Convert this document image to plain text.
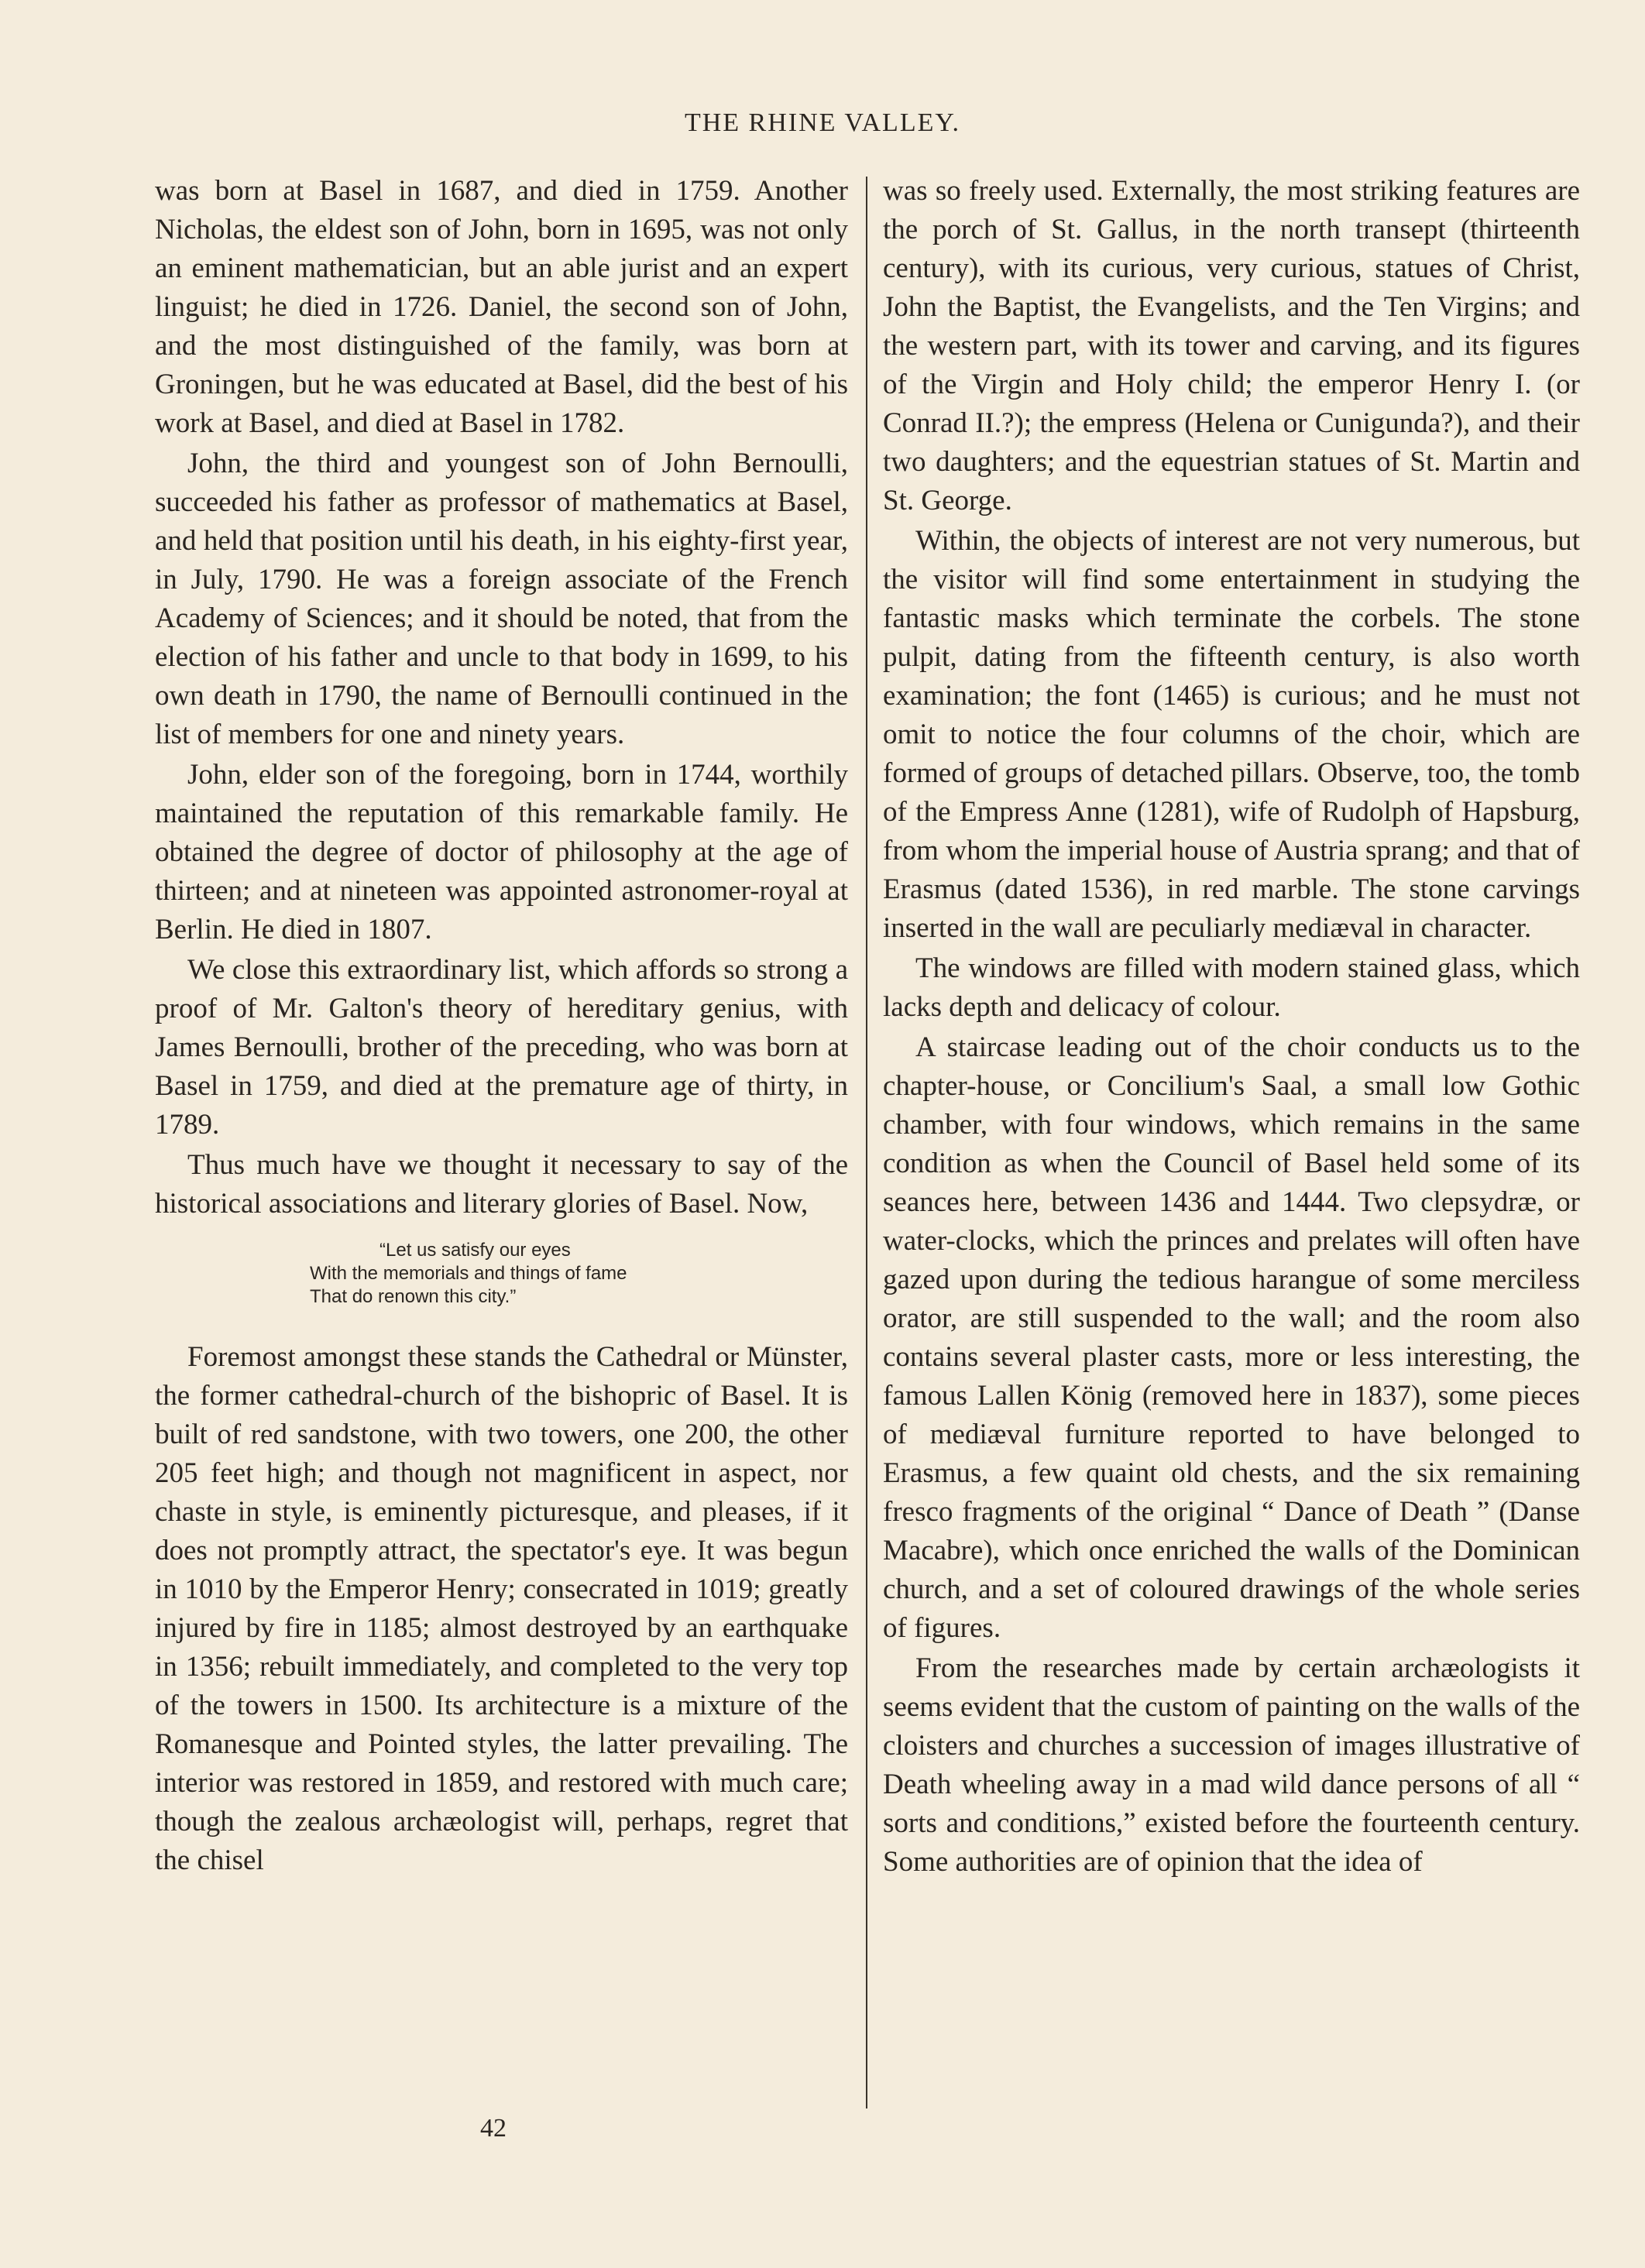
THE RHINE VALLEY.

was born at Basel in 1687, and died in 1759. Another Nicholas, the eldest son of John, born in 1695, was not only an eminent mathematician, but an able jurist and an expert linguist; he died in 1726. Daniel, the second son of John, and the most distinguished of the family, was born at Groningen, but he was educated at Basel, did the best of his work at Basel, and died at Basel in 1782.

John, the third and youngest son of John Bernoulli, succeeded his father as professor of mathematics at Basel, and held that position until his death, in his eighty-first year, in July, 1790. He was a foreign associate of the French Academy of Sciences; and it should be noted, that from the election of his father and uncle to that body in 1699, to his own death in 1790, the name of Bernoulli continued in the list of members for one and ninety years.

John, elder son of the foregoing, born in 1744, worthily maintained the reputation of this remarkable family. He obtained the degree of doctor of philosophy at the age of thirteen; and at nineteen was appointed astronomer-royal at Berlin. He died in 1807.

We close this extraordinary list, which affords so strong a proof of Mr. Galton's theory of hereditary genius, with James Bernoulli, brother of the preceding, who was born at Basel in 1759, and died at the premature age of thirty, in 1789.

Thus much have we thought it necessary to say of the historical associations and literary glories of Basel. Now,

“Let us satisfy our eyes
With the memorials and things of fame
That do renown this city.”

Foremost amongst these stands the Cathedral or Münster, the former cathedral-church of the bishopric of Basel. It is built of red sandstone, with two towers, one 200, the other 205 feet high; and though not magnificent in aspect, nor chaste in style, is eminently picturesque, and pleases, if it does not promptly attract, the spectator's eye. It was begun in 1010 by the Emperor Henry; consecrated in 1019; greatly injured by fire in 1185; almost destroyed by an earthquake in 1356; rebuilt immediately, and completed to the very top of the towers in 1500. Its architecture is a mixture of the Romanesque and Pointed styles, the latter prevailing. The interior was restored in 1859, and restored with much care; though the zealous archæologist will, perhaps, regret that the chisel

was so freely used. Externally, the most striking features are the porch of St. Gallus, in the north transept (thirteenth century), with its curious, very curious, statues of Christ, John the Baptist, the Evangelists, and the Ten Virgins; and the western part, with its tower and carving, and its figures of the Virgin and Holy child; the emperor Henry I. (or Conrad II.?); the empress (Helena or Cunigunda?), and their two daughters; and the equestrian statues of St. Martin and St. George.

Within, the objects of interest are not very numerous, but the visitor will find some entertainment in studying the fantastic masks which terminate the corbels. The stone pulpit, dating from the fifteenth century, is also worth examination; the font (1465) is curious; and he must not omit to notice the four columns of the choir, which are formed of groups of detached pillars. Observe, too, the tomb of the Empress Anne (1281), wife of Rudolph of Hapsburg, from whom the imperial house of Austria sprang; and that of Erasmus (dated 1536), in red marble. The stone carvings inserted in the wall are peculiarly mediæval in character.

The windows are filled with modern stained glass, which lacks depth and delicacy of colour.

A staircase leading out of the choir conducts us to the chapter-house, or Concilium's Saal, a small low Gothic chamber, with four windows, which remains in the same condition as when the Council of Basel held some of its seances here, between 1436 and 1444. Two clepsydræ, or water-clocks, which the princes and prelates will often have gazed upon during the tedious harangue of some merciless orator, are still suspended to the wall; and the room also contains several plaster casts, more or less interesting, the famous Lallen König (removed here in 1837), some pieces of mediæval furniture reported to have belonged to Erasmus, a few quaint old chests, and the six remaining fresco fragments of the original “ Dance of Death ” (Danse Macabre), which once enriched the walls of the Dominican church, and a set of coloured drawings of the whole series of figures.

From the researches made by certain archæologists it seems evident that the custom of painting on the walls of the cloisters and churches a succession of images illustrative of Death wheeling away in a mad wild dance persons of all “ sorts and conditions,” existed before the fourteenth century. Some authorities are of opinion that the idea of

42
